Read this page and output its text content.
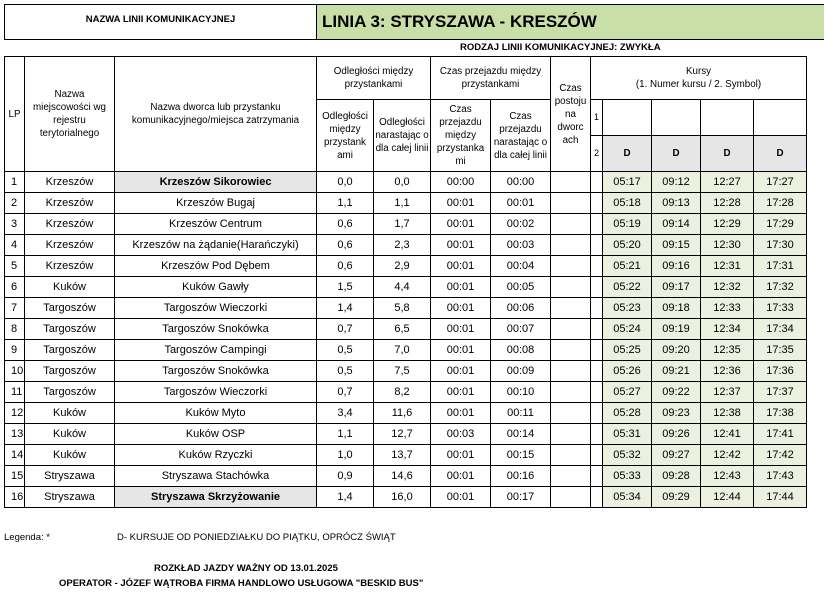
NAZWA LINII KOMUNIKACYJNEJ	LINIA 3: STRYSZAWA - KRESZÓW
RODZAJ LINII KOMUNIKACYJNEJ: ZWYKŁA
LP	Nazwa miejscowości wg rejestru terytorialnego	Nazwa dworca lub przystanku komunikacyjnego/miejsca zatrzymania	Odległości między przystankami		Czas przejazdu między przystankami		Czas postoju na dworc ach	Kursy
(1. Numer kursu / 2. Symbol)				
			Odległości między przystank ami	Odległości narastając o dla całej linii	Czas przejazdu między przystanka mi	Czas przejazdu narastając o dla całej linii		1				
								2	D	D	D	D
1	Krzeszów	Krzeszów Sikorowiec	0,0	0,0	00:00	00:00			05:17	09:12	12:27	17:27
2	Krzeszów	Krzeszów Bugaj	1,1	1,1	00:01	00:01			05:18	09:13	12:28	17:28
3	Krzeszów	Krzeszów Centrum	0,6	1,7	00:01	00:02			05:19	09:14	12:29	17:29
4	Krzeszów	Krzeszów na żądanie(Harańczyki)	0,6	2,3	00:01	00:03			05:20	09:15	12:30	17:30
5	Krzeszów	Krzeszów Pod Dębem	0,6	2,9	00:01	00:04			05:21	09:16	12:31	17:31
6	Kuków	Kuków Gawły	1,5	4,4	00:01	00:05			05:22	09:17	12:32	17:32
7	Targoszów	Targoszów Wieczorki	1,4	5,8	00:01	00:06			05:23	09:18	12:33	17:33
8	Targoszów	Targoszów Snokówka	0,7	6,5	00:01	00:07			05:24	09:19	12:34	17:34
9	Targoszów	Targoszów Campingi	0,5	7,0	00:01	00:08			05:25	09:20	12:35	17:35
10	Targoszów	Targoszów Snokówka	0,5	7,5	00:01	00:09			05:26	09:21	12:36	17:36
11	Targoszów	Targoszów Wieczorki	0,7	8,2	00:01	00:10			05:27	09:22	12:37	17:37
12	Kuków	Kuków Myto	3,4	11,6	00:01	00:11			05:28	09:23	12:38	17:38
13	Kuków	Kuków OSP	1,1	12,7	00:03	00:14			05:31	09:26	12:41	17:41
14	Kuków	Kuków Rzyczki	1,0	13,7	00:01	00:15			05:32	09:27	12:42	17:42
15	Stryszawa	Stryszawa Stachówka	0,9	14,6	00:01	00:16			05:33	09:28	12:43	17:43
16	Stryszawa	Stryszawa Skrzyżowanie	1,4	16,0	00:01	00:17			05:34	09:29	12:44	17:44
Legenda: *	D- KURSUJE OD PONIEDZIAŁKU DO PIĄTKU, OPRÓCZ ŚWIĄT
ROZKŁAD JAZDY WAŻNY OD 13.01.2025
OPERATOR - JÓZEF WĄTROBA FIRMA HANDLOWO USŁUGOWA "BESKID BUS"
